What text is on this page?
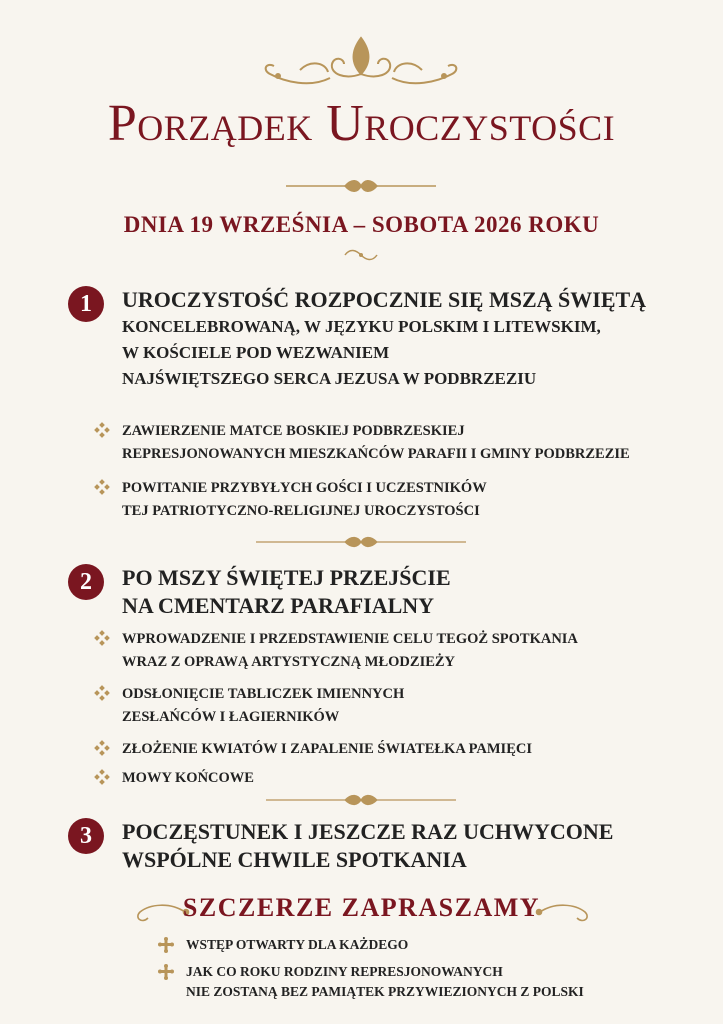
Porządek Uroczystości
DNIA 19 WRZEŚNIA – SOBOTA 2026 ROKU
1	UROCZYSTOŚĆ ROZPOCZNIE SIĘ MSZĄ ŚWIĘTĄ
KONCELEBROWANĄ, W JĘZYKU POLSKIM I LITEWSKIM,
W KOŚCIELE POD WEZWANIEM
NAJŚWIĘTSZEGO SERCA JEZUSA W PODBRZEZIU
ZAWIERZENIE MATCE BOSKIEJ PODBRZESKIEJ
REPRESJONOWANYCH MIESZKAŃCÓW PARAFII I GMINY PODBRZEZIE
POWITANIE PRZYBYŁYCH GOŚCI I UCZESTNIKÓW
TEJ PATRIOTYCZNO-RELIGIJNEJ UROCZYSTOŚCI
2	PO MSZY ŚWIĘTEJ PRZEJŚCIE
NA CMENTARZ PARAFIALNY
WPROWADZENIE I PRZEDSTAWIENIE CELU TEGOŻ SPOTKANIA
WRAZ Z OPRAWĄ ARTYSTYCZNĄ MŁODZIEŻY
ODSŁONIĘCIE TABLICZEK IMIENNYCH
ZESŁAŃCÓW I ŁAGIERNIKÓW
ZŁOŻENIE KWIATÓW I ZAPALENIE ŚWIATEŁKA PAMIĘCI
MOWY KOŃCOWE
3	POCZĘSTUNEK I JESZCZE RAZ UCHWYCONE
WSPÓLNE CHWILE SPOTKANIA
SZCZERZE ZAPRASZAMY
WSTĘP OTWARTY DLA KAŻDEGO
JAK CO ROKU RODZINY REPRESJONOWANYCH
NIE ZOSTANĄ BEZ PAMIĄTEK PRZYWIEZIONYCH Z POLSKI
